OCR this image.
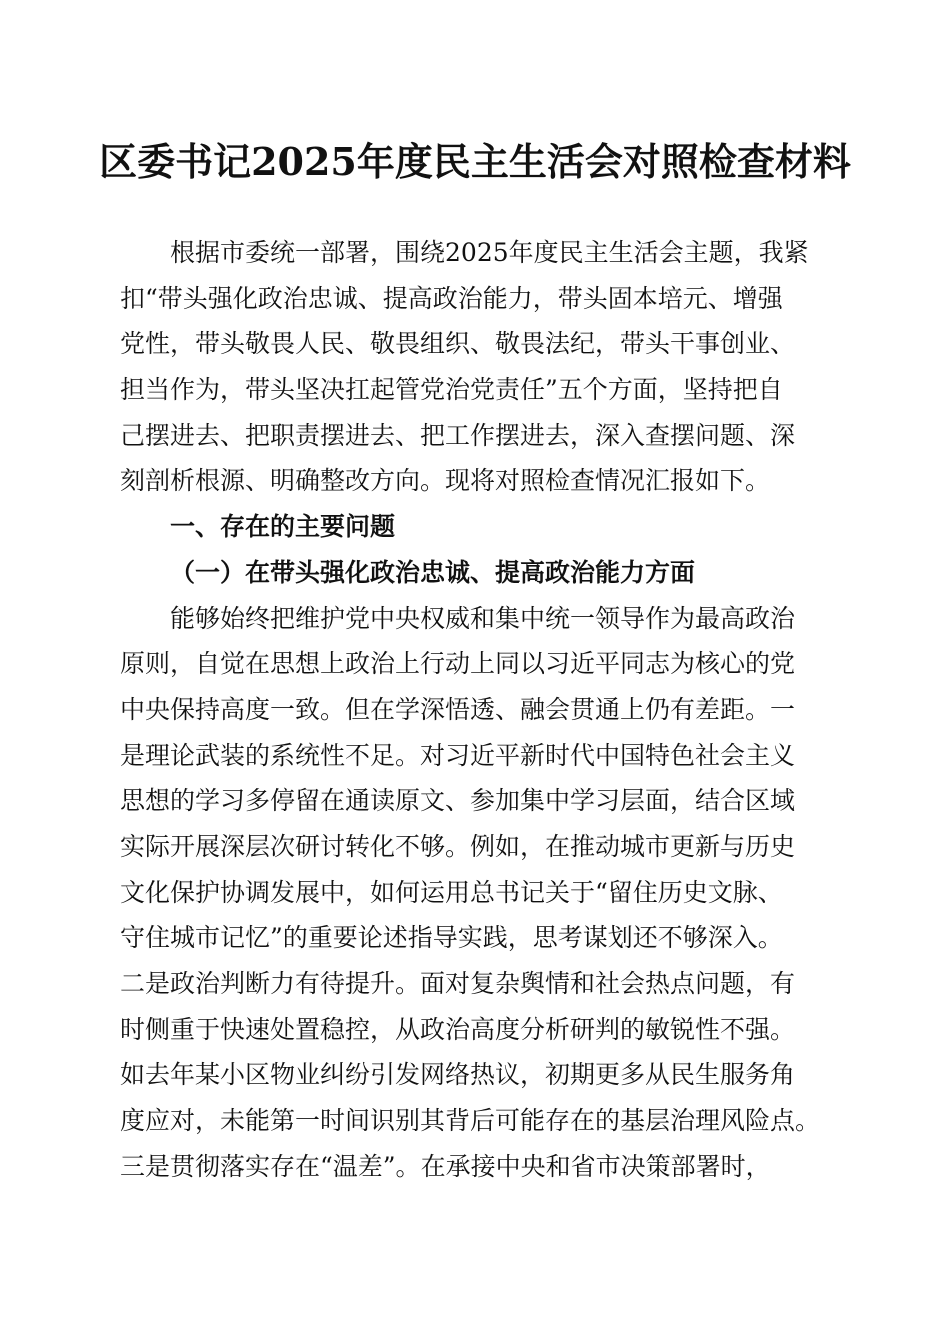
区委书记2025年度民主生活会对照检查材料
根据市委统一部署，围绕2025年度民主生活会主题，我紧
扣“带头强化政治忠诚、提高政治能力，带头固本培元、增强
党性，带头敬畏人民、敬畏组织、敬畏法纪，带头干事创业、
担当作为，带头坚决扛起管党治党责任”五个方面，坚持把自
己摆进去、把职责摆进去、把工作摆进去，深入查摆问题、深
刻剖析根源、明确整改方向。现将对照检查情况汇报如下。
一、存在的主要问题
（一）在带头强化政治忠诚、提高政治能力方面
能够始终把维护党中央权威和集中统一领导作为最高政治
原则，自觉在思想上政治上行动上同以习近平同志为核心的党
中央保持高度一致。但在学深悟透、融会贯通上仍有差距。一
是理论武装的系统性不足。对习近平新时代中国特色社会主义
思想的学习多停留在通读原文、参加集中学习层面，结合区域
实际开展深层次研讨转化不够。例如，在推动城市更新与历史
文化保护协调发展中，如何运用总书记关于“留住历史文脉、
守住城市记忆”的重要论述指导实践，思考谋划还不够深入。
二是政治判断力有待提升。面对复杂舆情和社会热点问题，有
时侧重于快速处置稳控，从政治高度分析研判的敏锐性不强。
如去年某小区物业纠纷引发网络热议，初期更多从民生服务角
度应对，未能第一时间识别其背后可能存在的基层治理风险点。
三是贯彻落实存在“温差”。在承接中央和省市决策部署时，
